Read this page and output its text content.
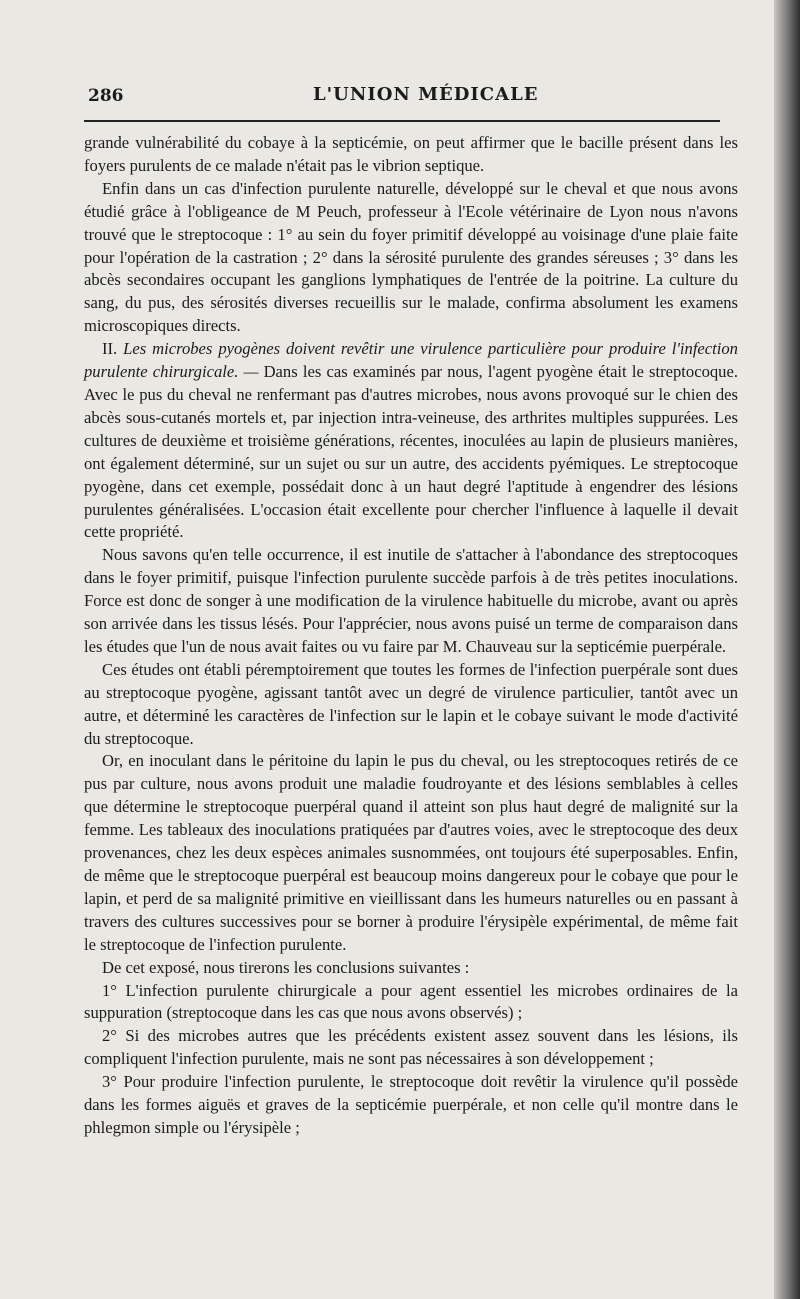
286	L'UNION MÉDICALE

grande vulnérabilité du cobaye à la septicémie, on peut affirmer que le bacille présent dans les foyers purulents de ce malade n'était pas le vibrion septique.

Enfin dans un cas d'infection purulente naturelle, développé sur le cheval et que nous avons étudié grâce à l'obligeance de M Peuch, professeur à l'Ecole vétérinaire de Lyon nous n'avons trouvé que le streptocoque : 1° au sein du foyer primitif développé au voisinage d'une plaie faite pour l'opération de la castration ; 2° dans la sérosité purulente des grandes séreuses ; 3° dans les abcès secondaires occupant les ganglions lymphatiques de l'entrée de la poitrine. La culture du sang, du pus, des sérosités diverses recueillis sur le malade, confirma absolument les examens microscopiques directs.

II. Les microbes pyogènes doivent revêtir une virulence particulière pour produire l'infection purulente chirurgicale. — Dans les cas examinés par nous, l'agent pyogène était le streptocoque. Avec le pus du cheval ne renfermant pas d'autres microbes, nous avons provoqué sur le chien des abcès sous-cutanés mortels et, par injection intra-veineuse, des arthrites multiples suppurées. Les cultures de deuxième et troisième générations, récentes, inoculées au lapin de plusieurs manières, ont également déterminé, sur un sujet ou sur un autre, des accidents pyémiques. Le streptocoque pyogène, dans cet exemple, possédait donc à un haut degré l'aptitude à engendrer des lésions purulentes généralisées. L'occasion était excellente pour chercher l'influence à laquelle il devait cette propriété.

Nous savons qu'en telle occurrence, il est inutile de s'attacher à l'abondance des streptocoques dans le foyer primitif, puisque l'infection purulente succède parfois à de très petites inoculations. Force est donc de songer à une modification de la virulence habituelle du microbe, avant ou après son arrivée dans les tissus lésés. Pour l'apprécier, nous avons puisé un terme de comparaison dans les études que l'un de nous avait faites ou vu faire par M. Chauveau sur la septicémie puerpérale.

Ces études ont établi péremptoirement que toutes les formes de l'infection puerpérale sont dues au streptocoque pyogène, agissant tantôt avec un degré de virulence particulier, tantôt avec un autre, et déterminé les caractères de l'infection sur le lapin et le cobaye suivant le mode d'activité du streptocoque.

Or, en inoculant dans le péritoine du lapin le pus du cheval, ou les streptocoques retirés de ce pus par culture, nous avons produit une maladie foudroyante et des lésions semblables à celles que détermine le streptocoque puerpéral quand il atteint son plus haut degré de malignité sur la femme. Les tableaux des inoculations pratiquées par d'autres voies, avec le streptocoque des deux provenances, chez les deux espèces animales susnommées, ont toujours été superposables. Enfin, de même que le streptocoque puerpéral est beaucoup moins dangereux pour le cobaye que pour le lapin, et perd de sa malignité primitive en vieillissant dans les humeurs naturelles ou en passant à travers des cultures successives pour se borner à produire l'érysipèle expérimental, de même fait le streptocoque de l'infection purulente.

De cet exposé, nous tirerons les conclusions suivantes :

1° L'infection purulente chirurgicale a pour agent essentiel les microbes ordinaires de la suppuration (streptocoque dans les cas que nous avons observés) ;

2° Si des microbes autres que les précédents existent assez souvent dans les lésions, ils compliquent l'infection purulente, mais ne sont pas nécessaires à son développement ;

3° Pour produire l'infection purulente, le streptocoque doit revêtir la virulence qu'il possède dans les formes aiguës et graves de la septicémie puerpérale, et non celle qu'il montre dans le phlegmon simple ou l'érysipèle ;
